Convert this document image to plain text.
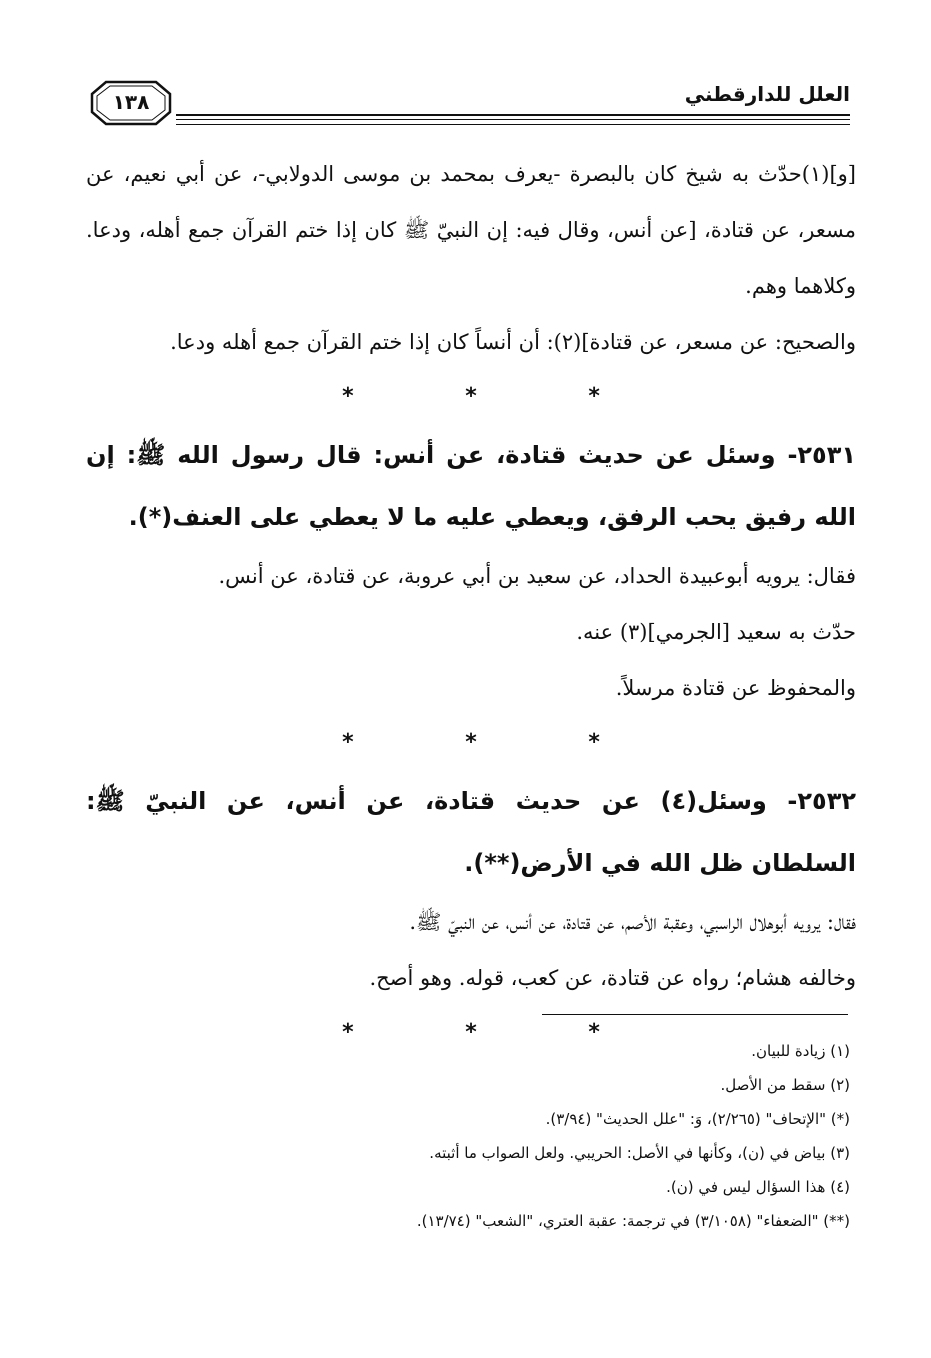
١٣٨	العلل للدارقطني

[و](١)حدّث به شيخ كان بالبصرة -يعرف بمحمد بن موسى الدولابي-، عن أبي نعيم، عن مسعر، عن قتادة، [عن أنس، وقال فيه: إن النبيّ ﷺ كان إذا ختم القرآن جمع أهله، ودعا. وكلاهما وهم.

والصحيح: عن مسعر، عن قتادة](٢): أن أنساً كان إذا ختم القرآن جمع أهله ودعا.

* * *

٢٥٣١- وسئل عن حديث قتادة، عن أنس: قال رسول الله ﷺ: إن الله رفيق يحب الرفق، ويعطي عليه ما لا يعطي على العنف(*).

فقال: يرويه أبوعبيدة الحداد، عن سعيد بن أبي عروبة، عن قتادة، عن أنس.

حدّث به سعيد [الجرمي](٣) عنه.

والمحفوظ عن قتادة مرسلاً.

* * *

٢٥٣٢- وسئل(٤) عن حديث قتادة، عن أنس، عن النبيّ ﷺ: السلطان ظل الله في الأرض(**).

فقال: يرويه أبوهلال الراسبي، وعقبة الأصم، عن قتادة، عن أنس، عن النبيّ ﷺ.

وخالفه هشام؛ رواه عن قتادة، عن كعب، قوله. وهو أصح.

* * *

(١) زيادة للبيان.

(٢) سقط من الأصل.

(*) "الإتحاف" (٢/٢٦٥)، وَ: "علل الحديث" (٣/٩٤).

(٣) بياض في (ن)، وكأنها في الأصل: الحريبي. ولعل الصواب ما أثبته.

(٤) هذا السؤال ليس في (ن).

(**) "الضعفاء" (٣/١٠٥٨) في ترجمة: عقبة العتري، "الشعب" (١٣/٧٤).
